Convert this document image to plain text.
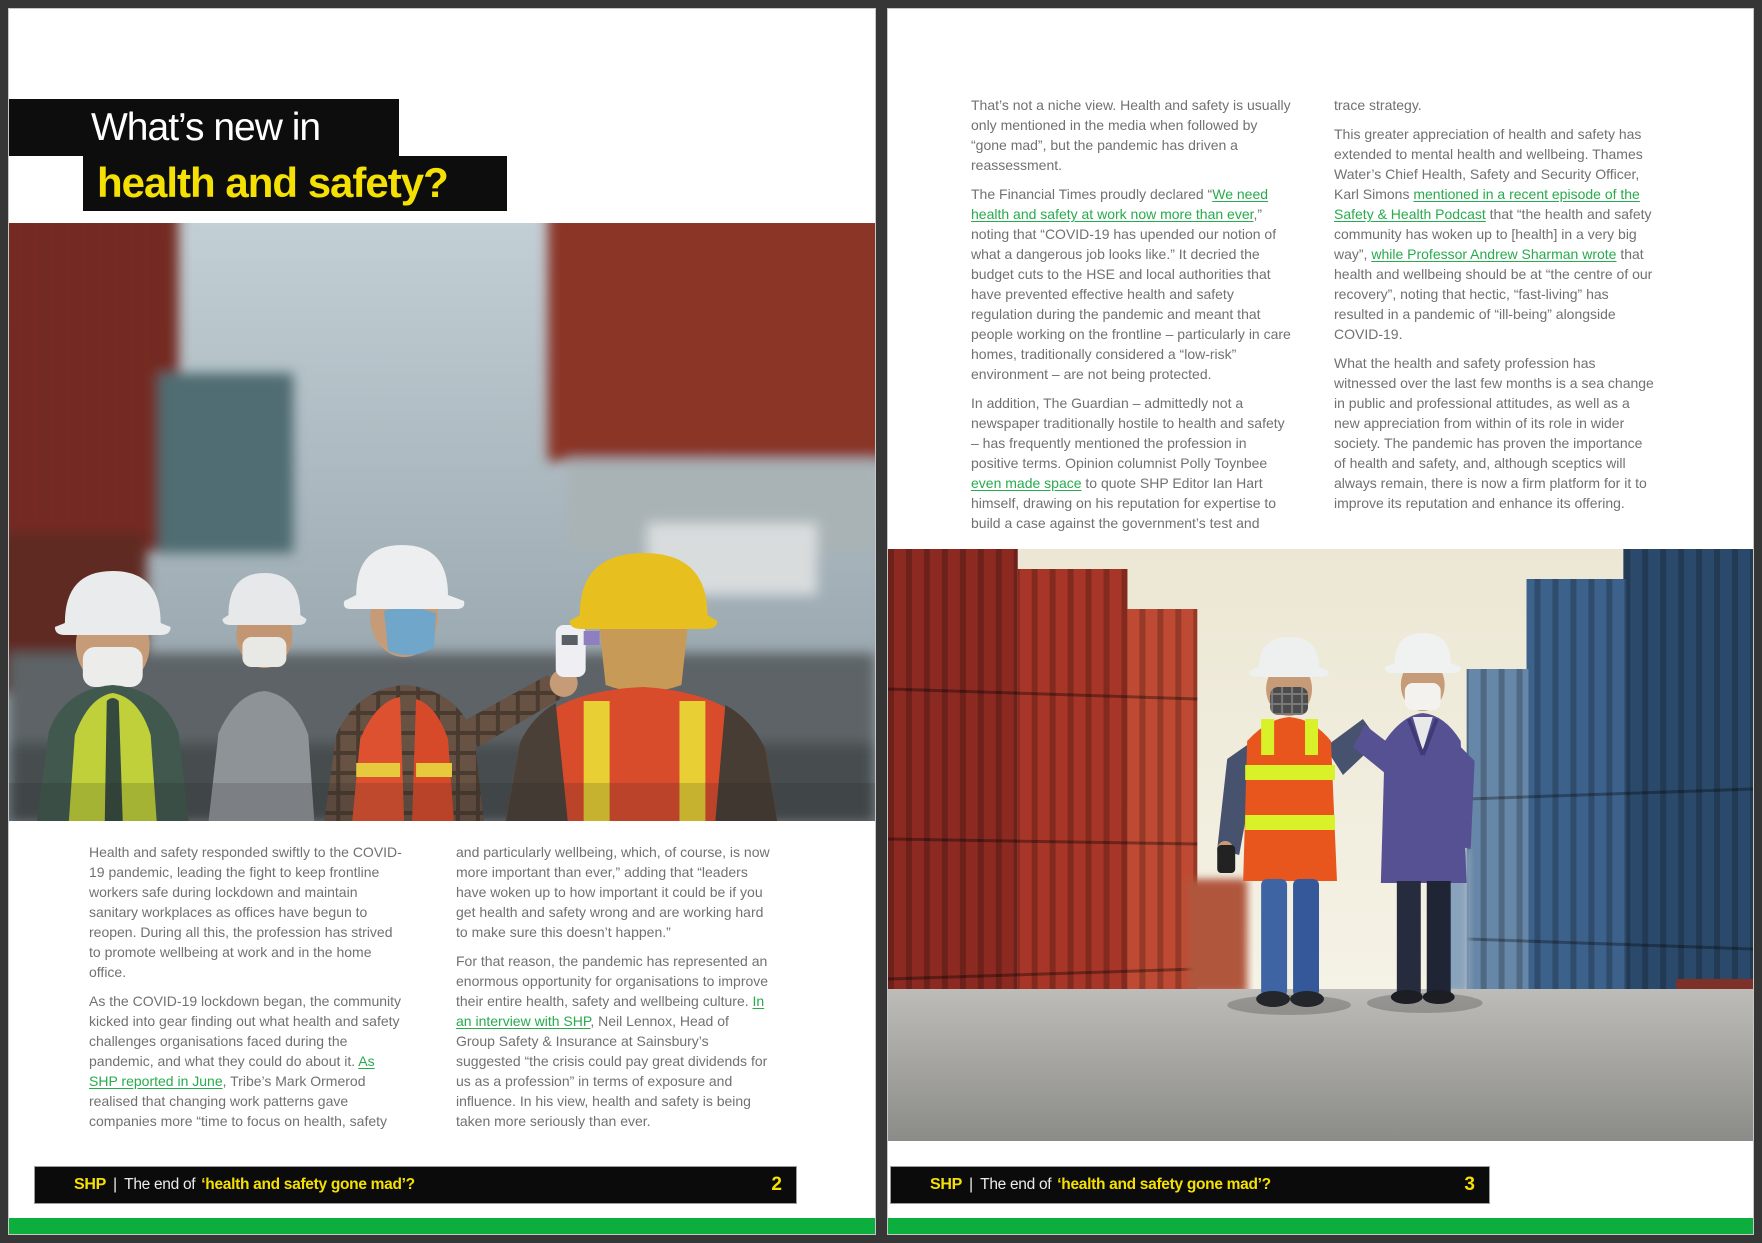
What’s new in
health and safety?

Health and safety responded swiftly to the COVID-19 pandemic, leading the fight to keep frontline workers safe during lockdown and maintain sanitary workplaces as offices have begun to reopen. During all this, the profession has strived to promote wellbeing at work and in the home office.

As the COVID-19 lockdown began, the community kicked into gear finding out what health and safety challenges organisations faced during the pandemic, and what they could do about it. As SHP reported in June, Tribe’s Mark Ormerod realised that changing work patterns gave companies more “time to focus on health, safety

and particularly wellbeing, which, of course, is now more important than ever,” adding that “leaders have woken up to how important it could be if you get health and safety wrong and are working hard to make sure this doesn’t happen.”

For that reason, the pandemic has represented an enormous opportunity for organisations to improve their entire health, safety and wellbeing culture. In an interview with SHP, Neil Lennox, Head of Group Safety & Insurance at Sainsbury’s suggested “the crisis could pay great dividends for us as a profession” in terms of exposure and influence. In his view, health and safety is being taken more seriously than ever.

SHP | The end of ‘health and safety gone mad’?	2

That’s not a niche view. Health and safety is usually only mentioned in the media when followed by “gone mad”, but the pandemic has driven a reassessment.

The Financial Times proudly declared “We need health and safety at work now more than ever,” noting that “COVID-19 has upended our notion of what a dangerous job looks like.” It decried the budget cuts to the HSE and local authorities that have prevented effective health and safety regulation during the pandemic and meant that people working on the frontline – particularly in care homes, traditionally considered a “low-risk” environment – are not being protected.

In addition, The Guardian – admittedly not a newspaper traditionally hostile to health and safety – has frequently mentioned the profession in positive terms. Opinion columnist Polly Toynbee even made space to quote SHP Editor Ian Hart himself, drawing on his reputation for expertise to build a case against the government’s test and

trace strategy.

This greater appreciation of health and safety has extended to mental health and wellbeing. Thames Water’s Chief Health, Safety and Security Officer, Karl Simons mentioned in a recent episode of the Safety & Health Podcast that “the health and safety community has woken up to [health] in a very big way”, while Professor Andrew Sharman wrote that health and wellbeing should be at “the centre of our recovery”, noting that hectic, “fast-living” has resulted in a pandemic of “ill-being” alongside COVID-19.

What the health and safety profession has witnessed over the last few months is a sea change in public and professional attitudes, as well as a new appreciation from within of its role in wider society. The pandemic has proven the importance of health and safety, and, although sceptics will always remain, there is now a firm platform for it to improve its reputation and enhance its offering.

SHP | The end of ‘health and safety gone mad’?	3
